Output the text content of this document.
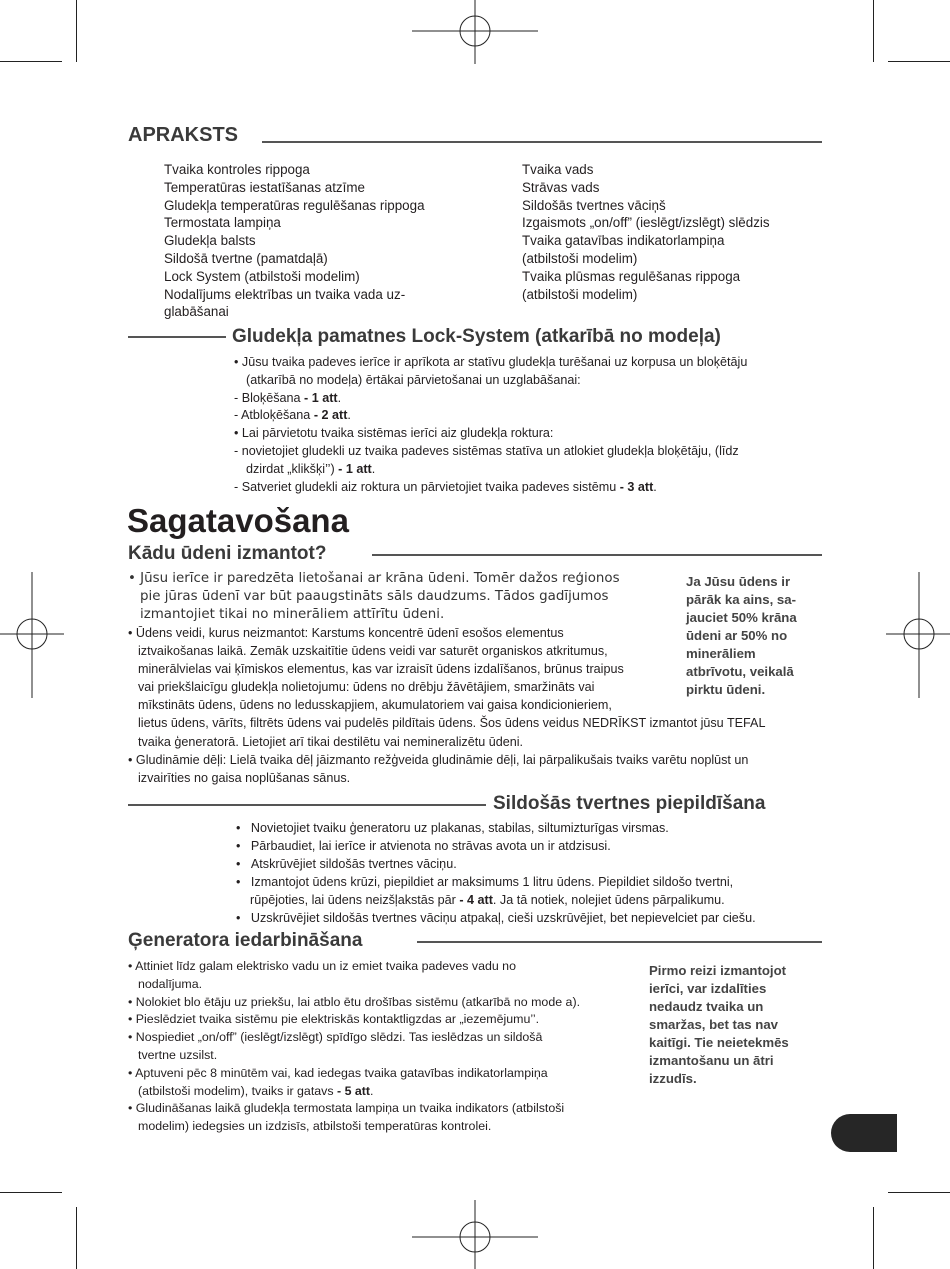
APRAKSTS
Tvaika kontroles rippoga
Temperatūras iestatīšanas atzīme
Gludekļa temperatūras regulēšanas rippoga
Termostata lampiņa
Gludekļa balsts
Sildošā tvertne (pamatdaļā)
Lock System (atbilstoši modelim)
Nodalījums elektrības un tvaika vada uz-
glabāšanai
Tvaika vads
Strāvas vads
Sildošās tvertnes vāciņš
Izgaismots „on/off” (ieslēgt/izslēgt) slēdzis
Tvaika gatavības indikatorlampiņa
(atbilstoši modelim)
Tvaika plūsmas regulēšanas rippoga
(atbilstoši modelim)
Gludekļa pamatnes Lock-System (atkarībā no modeļa)
• Jūsu tvaika padeves ierīce ir aprīkota ar statīvu gludekļa turēšanai uz korpusa un bloķētāju
(atkarībā no modeļa) ērtākai pārvietošanai un uzglabāšanai:
- Bloķēšana - 1 att.
- Atbloķēšana - 2 att.
• Lai pārvietotu tvaika sistēmas ierīci aiz gludekļa roktura:
- novietojiet gludekli uz tvaika padeves sistēmas statīva un atlokiet gludekļa bloķētāju, (līdz
dzirdat „klikšķi’’) - 1 att.
- Satveriet gludekli aiz roktura un pārvietojiet tvaika padeves sistēmu - 3 att.
Sagatavošana
Kādu ūdeni izmantot?
• Jūsu ierīce ir paredzēta lietošanai ar krāna ūdeni. Tomēr dažos reģionos
pie jūras ūdenī var būt paaugstināts sāls daudzums. Tādos gadījumos
izmantojiet tikai no minerāliem attīrītu ūdeni.
• Ūdens veidi, kurus neizmantot: Karstums koncentrē ūdenī esošos elementus
iztvaikošanas laikā. Zemāk uzskaitītie ūdens veidi var saturēt organiskos atkritumus,
minerālvielas vai ķīmiskos elementus, kas var izraisīt ūdens izdalīšanos, brūnus traipus
vai priekšlaicīgu gludekļa nolietojumu: ūdens no drēbju žāvētājiem, smaržināts vai
mīkstināts ūdens, ūdens no ledusskapjiem, akumulatoriem vai gaisa kondicionieriem,
lietus ūdens, vārīts, filtrēts ūdens vai pudelēs pildītais ūdens. Šos ūdens veidus NEDRĪKST izmantot jūsu TEFAL
tvaika ģeneratorā. Lietojiet arī tikai destilētu vai nemineralizētu ūdeni.
• Gludināmie dēļi: Lielā tvaika dēļ jāizmanto režģveida gludināmie dēļi, lai pārpalikušais tvaiks varētu noplūst un
izvairīties no gaisa noplūšanas sānus.
Ja Jūsu ūdens ir
pārāk ka ains, sa-
jauciet 50% krāna
ūdeni ar 50% no
minerāliem
atbrīvotu, veikalā
pirktu ūdeni.
Sildošās tvertnes piepildīšana
•   Novietojiet tvaiku ģeneratoru uz plakanas, stabilas, siltumizturīgas virsmas.
•   Pārbaudiet, lai ierīce ir atvienota no strāvas avota un ir atdzisusi.
•   Atskrūvējiet sildošās tvertnes vāciņu.
•   Izmantojot ūdens krūzi, piepildiet ar maksimums 1 litru ūdens. Piepildiet sildošo tvertni,
rūpējoties, lai ūdens neizšļakstās pār - 4 att. Ja tā notiek, nolejiet ūdens pārpalikumu.
•   Uzskrūvējiet sildošās tvertnes vāciņu atpakaļ, cieši uzskrūvējiet, bet nepievelciet par ciešu.
Ģeneratora iedarbināšana
• Attiniet līdz galam elektrisko vadu un iz emiet tvaika padeves vadu no
nodalījuma.
• Nolokiet blo ētāju uz priekšu, lai atblo ētu drošības sistēmu (atkarībā no mode a).
• Pieslēdziet tvaika sistēmu pie elektriskās kontaktligzdas ar „iezemējumu’’.
• Nospiediet „on/off” (ieslēgt/izslēgt) spīdīgo slēdzi. Tas ieslēdzas un sildošā
tvertne uzsilst.
• Aptuveni pēc 8 minūtēm vai, kad iedegas tvaika gatavības indikatorlampiņa
(atbilstoši modelim), tvaiks ir gatavs - 5 att.
• Gludināšanas laikā gludekļa termostata lampiņa un tvaika indikators (atbilstoši
modelim) iedegsies un izdzisīs, atbilstoši temperatūras kontrolei.
Pirmo reizi izmantojot
ierīci, var izdalīties
nedaudz tvaika un
smaržas, bet tas nav
kaitīgi. Tie neietekmēs
izmantošanu un ātri
izzudīs.
